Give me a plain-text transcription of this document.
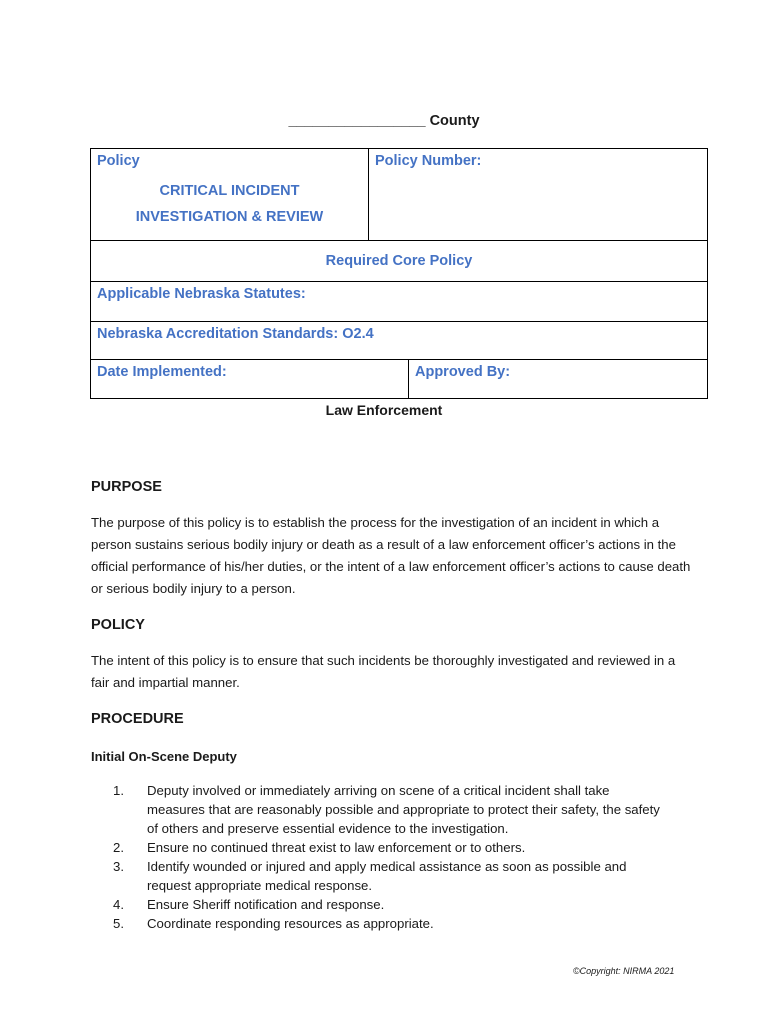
_________________ County
Policy
CRITICAL INCIDENT
INVESTIGATION & REVIEW	Policy Number:	

Required Core Policy		

Applicable Nebraska Statutes:		

Nebraska Accreditation Standards: O2.4		

Date Implemented:		Approved By:
Law Enforcement
PURPOSE
The purpose of this policy is to establish the process for the investigation of an incident in which a person sustains serious bodily injury or death as a result of a law enforcement officer’s actions in the official performance of his/her duties, or the intent of a law enforcement officer’s actions to cause death or serious bodily injury to a person.
POLICY
The intent of this policy is to ensure that such incidents be thoroughly investigated and reviewed in a fair and impartial manner.
PROCEDURE
Initial On-Scene Deputy
1.	Deputy involved or immediately arriving on scene of a critical incident shall take measures that are reasonably possible and appropriate to protect their safety, the safety of others and preserve essential evidence to the investigation.
2.	Ensure no continued threat exist to law enforcement or to others.
3.	Identify wounded or injured and apply medical assistance as soon as possible and request appropriate medical response.
4.	Ensure Sheriff notification and response.
5.	Coordinate responding resources as appropriate.
©Copyright: NIRMA 2021
